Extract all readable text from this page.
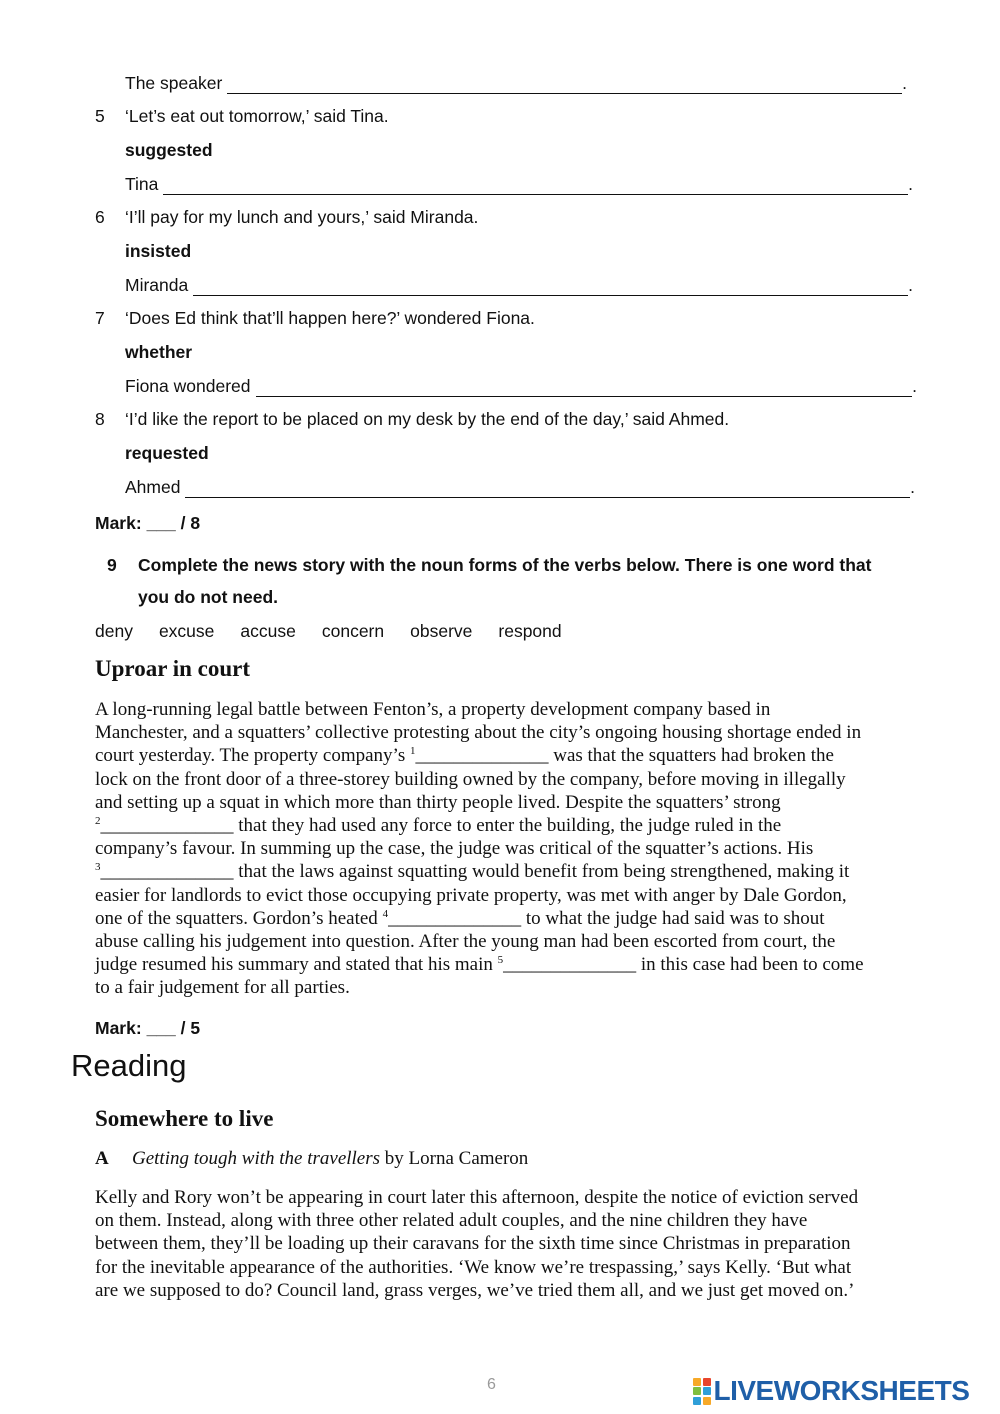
The speaker	.
5 ‘Let’s eat out tomorrow,’ said Tina.
suggested
Tina	.
6 ‘I’ll pay for my lunch and yours,’ said Miranda.
insisted
Miranda	.
7 ‘Does Ed think that’ll happen here?’ wondered Fiona.
whether
Fiona wondered	.
8 ‘I’d like the report to be placed on my desk by the end of the day,’ said Ahmed.
requested
Ahmed	.
Mark: ___ / 8
9 Complete the news story with the noun forms of the verbs below. There is one word that
you do not need.
deny excuse accuse concern observe respond
Uproar in court
A long-running legal battle between Fenton’s, a property development company based in
Manchester, and a squatters’ collective protesting about the city’s ongoing housing shortage ended in
court yesterday. The property company’s $^1$______________ was that the squatters had broken the
lock on the front door of a three-storey building owned by the company, before moving in illegally
and setting up a squat in which more than thirty people lived. Despite the squatters’ strong
$^2$______________ that they had used any force to enter the building, the judge ruled in the
company’s favour. In summing up the case, the judge was critical of the squatter’s actions. His
$^3$______________ that the laws against squatting would benefit from being strengthened, making it
easier for landlords to evict those occupying private property, was met with anger by Dale Gordon,
one of the squatters. Gordon’s heated $^4$______________ to what the judge had said was to shout
abuse calling his judgement into question. After the young man had been escorted from court, the
judge resumed his summary and stated that his main $^5$______________ in this case had been to come
to a fair judgement for all parties.
Mark: ___ / 5
Reading
Somewhere to live
A Getting tough with the travellers by Lorna Cameron
Kelly and Rory won’t be appearing in court later this afternoon, despite the notice of eviction served
on them. Instead, along with three other related adult couples, and the nine children they have
between them, they’ll be loading up their caravans for the sixth time since Christmas in preparation
for the inevitable appearance of the authorities. ‘We know we’re trespassing,’ says Kelly. ‘But what
are we supposed to do? Council land, grass verges, we’ve tried them all, and we just get moved on.’
6	LIVEWORKSHEETS
